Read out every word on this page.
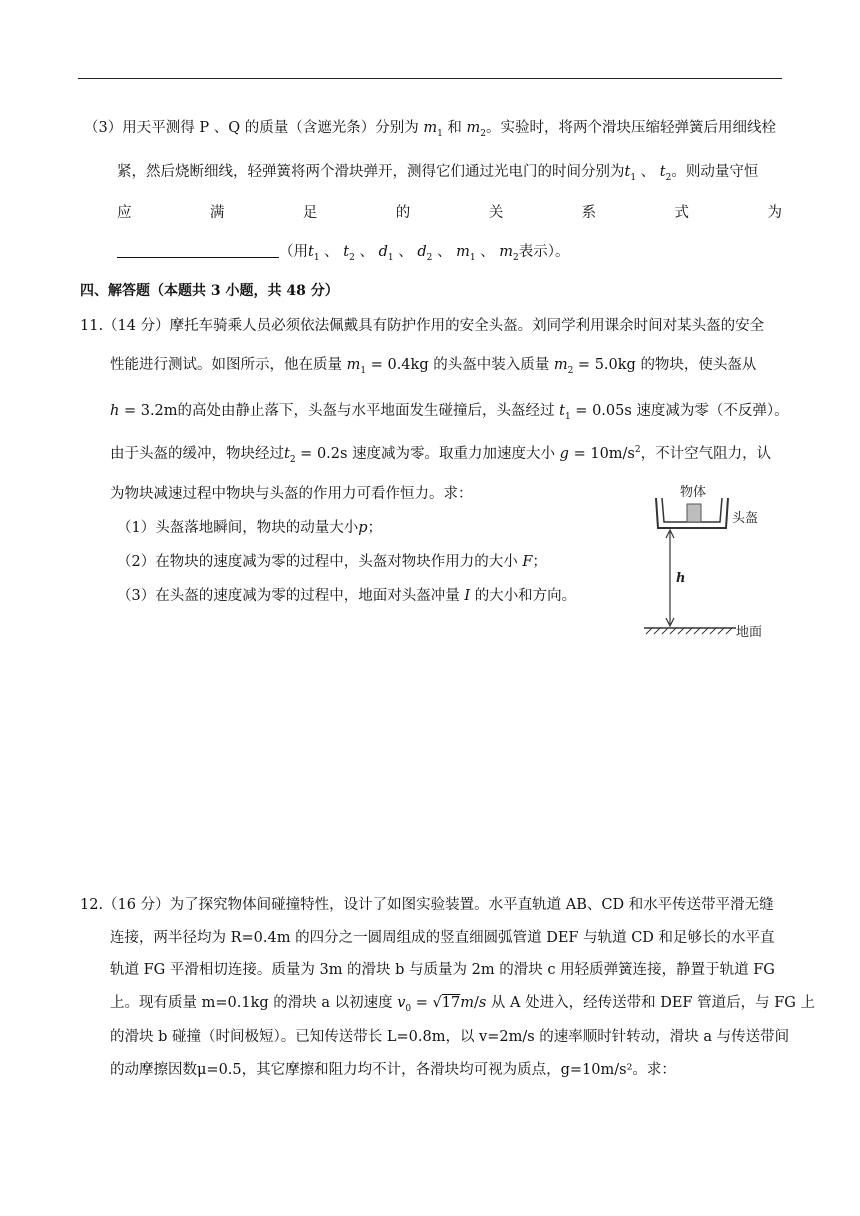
（3）用天平测得 P 、Q 的质量（含遮光条）分别为 $m_1$ 和 $m_2$。实验时，将两个滑块压缩轻弹簧后用细线栓
紧，然后烧断细线，轻弹簧将两个滑块弹开，测得它们通过光电门的时间分别为$t_1$ 、 $t_2$。则动量守恒
应	满	足	的	关	系	式	为
（用$t_1$ 、 $t_2$ 、 $d_1$ 、 $d_2$ 、 $m_1$ 、 $m_2$表示）。
四、解答题（本题共 3 小题，共 48 分）
11.（14 分）摩托车骑乘人员必须依法佩戴具有防护作用的安全头盔。刘同学利用课余时间对某头盔的安全
性能进行测试。如图所示，他在质量 $m_1 = 0.4kg$ 的头盔中装入质量 $m_2 = 5.0kg$ 的物块，使头盔从
h = 3.2m的高处由静止落下，头盔与水平地面发生碰撞后，头盔经过 $t_1 = 0.05s$ 速度减为零（不反弹）。
由于头盔的缓冲，物块经过$t_2 = 0.2s$ 速度减为零。取重力加速度大小 $g = 10m/s^2$，不计空气阻力，认
为物块减速过程中物块与头盔的作用力可看作恒力。求：
（1）头盔落地瞬间，物块的动量大小p；
（2）在物块的速度减为零的过程中，头盔对物块作用力的大小 F；
（3）在头盔的速度减为零的过程中，地面对头盔冲量 I 的大小和方向。
物体
头盔
h
地面
12.（16 分）为了探究物体间碰撞特性，设计了如图实验装置。水平直轨道 AB、CD 和水平传送带平滑无缝
连接，两半径均为 R=0.4m 的四分之一圆周组成的竖直细圆弧管道 DEF 与轨道 CD 和足够长的水平直
轨道 FG 平滑相切连接。质量为 3m 的滑块 b 与质量为 2m 的滑块 c 用轻质弹簧连接，静置于轨道 FG
上。现有质量 m=0.1kg 的滑块 a 以初速度 $v_0 = √17m/s$ 从 A 处进入，经传送带和 DEF 管道后，与 FG 上
的滑块 b 碰撞（时间极短）。已知传送带长 L=0.8m，以 v=2m/s 的速率顺时针转动，滑块 a 与传送带间
的动摩擦因数μ=0.5，其它摩擦和阻力均不计，各滑块均可视为质点，g=10m/s²。求：
